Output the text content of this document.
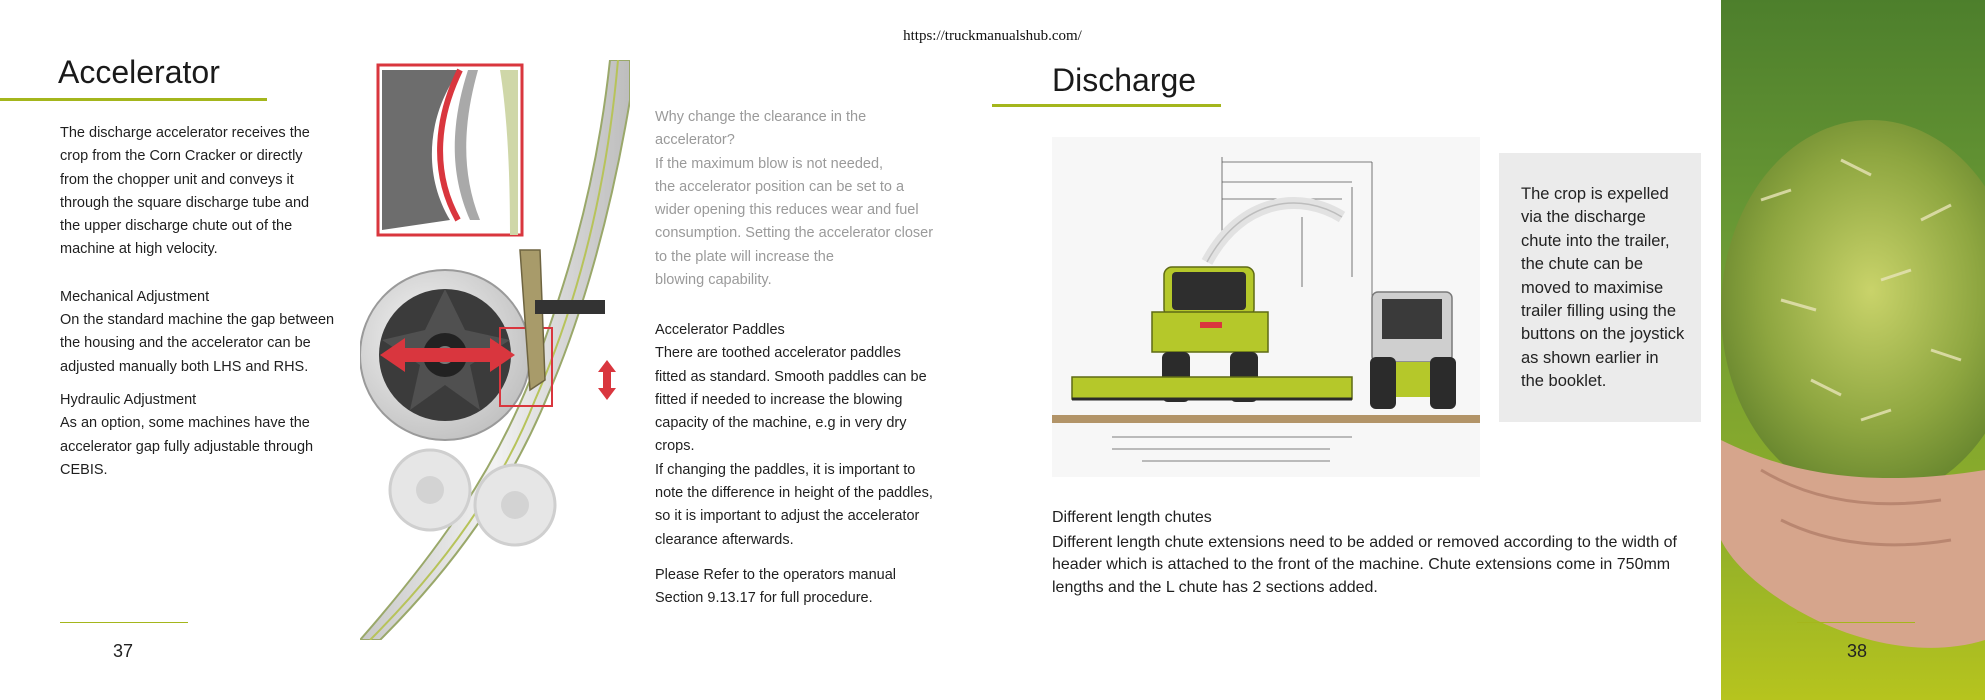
https://truckmanualshub.com/
Accelerator
The discharge accelerator receives the
crop from the Corn Cracker or directly
from the chopper unit and conveys it
through the square discharge tube and
the upper discharge chute out of the
machine at high velocity.
Mechanical Adjustment
On the standard machine the gap between
the housing and the accelerator can be
adjusted manually both LHS and RHS.
Hydraulic Adjustment
As an option, some machines have the
accelerator gap fully adjustable through
CEBIS.
Why change the clearance in the
accelerator?
If the maximum blow is not needed,
the accelerator position can be set to a
wider opening this reduces wear and fuel
consumption. Setting the accelerator closer
to the plate will increase the
blowing capability.
Accelerator Paddles
There are toothed accelerator paddles
fitted as standard. Smooth paddles can be
fitted if needed to increase the blowing
capacity of the machine, e.g in very dry
crops.
If changing the paddles, it is important to
note the difference in height of the paddles,
so it is important to adjust the accelerator
clearance afterwards.
Please Refer to the operators manual
Section 9.13.17 for full procedure.
37
Discharge
The crop is expelled
via the discharge
chute into the trailer,
the chute can be
moved to maximise
trailer filling using the
buttons on the joystick
as shown earlier in
the booklet.
Different length chutes
Different length chute extensions need to be added or removed according to the width of
header which is attached to the front of the machine. Chute extensions come in 750mm
lengths and the L chute has 2 sections added.
38
